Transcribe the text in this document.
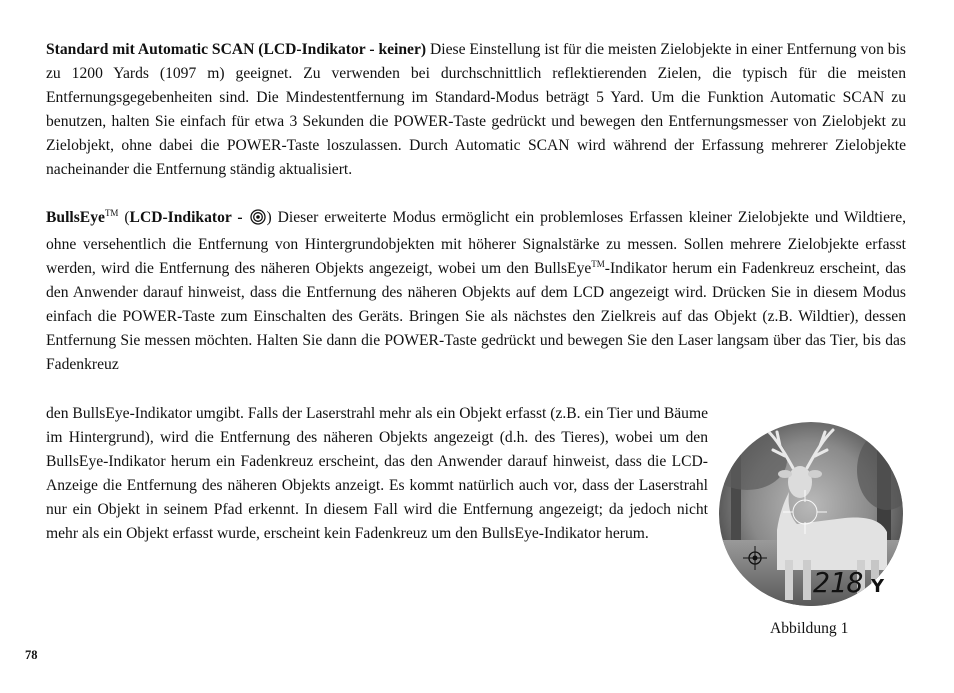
Standard mit Automatic SCAN (LCD-Indikator - keiner) Diese Einstellung ist für die meisten Zielobjekte in einer Entfernung von bis zu 1200 Yards (1097 m) geeignet. Zu verwenden bei durchschnittlich reflektierenden Zielen, die typisch für die meisten Entfernungsgegebenheiten sind. Die Mindestentfernung im Standard-Modus beträgt 5 Yard. Um die Funktion Automatic SCAN zu benutzen, halten Sie einfach für etwa 3 Sekunden die POWER-Taste gedrückt und bewegen den Entfernungsmesser von Zielobjekt zu Zielobjekt, ohne dabei die POWER-Taste loszulassen. Durch Automatic SCAN wird während der Erfassung mehrerer Zielobjekte nacheinander die Entfernung ständig aktualisiert.

BullsEye™ (LCD-Indikator - ) Dieser erweiterte Modus ermöglicht ein problemloses Erfassen kleiner Zielobjekte und Wildtiere, ohne versehentlich die Entfernung von Hintergrundobjekten mit höherer Signalstärke zu messen. Sollen mehrere Zielobjekte erfasst werden, wird die Entfernung des näheren Objekts angezeigt, wobei um den BullsEye™-Indikator herum ein Fadenkreuz erscheint, das den Anwender darauf hinweist, dass die Entfernung des näheren Objekts auf dem LCD angezeigt wird. Drücken Sie in diesem Modus einfach die POWER-Taste zum Einschalten des Geräts. Bringen Sie als nächstes den Zielkreis auf das Objekt (z.B. Wildtier), dessen Entfernung Sie messen möchten. Halten Sie dann die POWER-Taste gedrückt und bewegen Sie den Laser langsam über das Tier, bis das Fadenkreuz

den BullsEye-Indikator umgibt. Falls der Laserstrahl mehr als ein Objekt erfasst (z.B. ein Tier und Bäume im Hintergrund), wird die Entfernung des näheren Objekts angezeigt (d.h. des Tieres), wobei um den BullsEye-Indikator herum ein Fadenkreuz erscheint, das den Anwender darauf hinweist, dass die LCD-Anzeige die Entfernung des näheren Objekts anzeigt. Es kommt natürlich auch vor, dass der Laserstrahl nur ein Objekt in seinem Pfad erkennt. In diesem Fall wird die Entfernung angezeigt; da jedoch nicht mehr als ein Objekt erfasst wurde, erscheint kein Fadenkreuz um den BullsEye-Indikator herum.

218 Y
Abbildung 1
78
